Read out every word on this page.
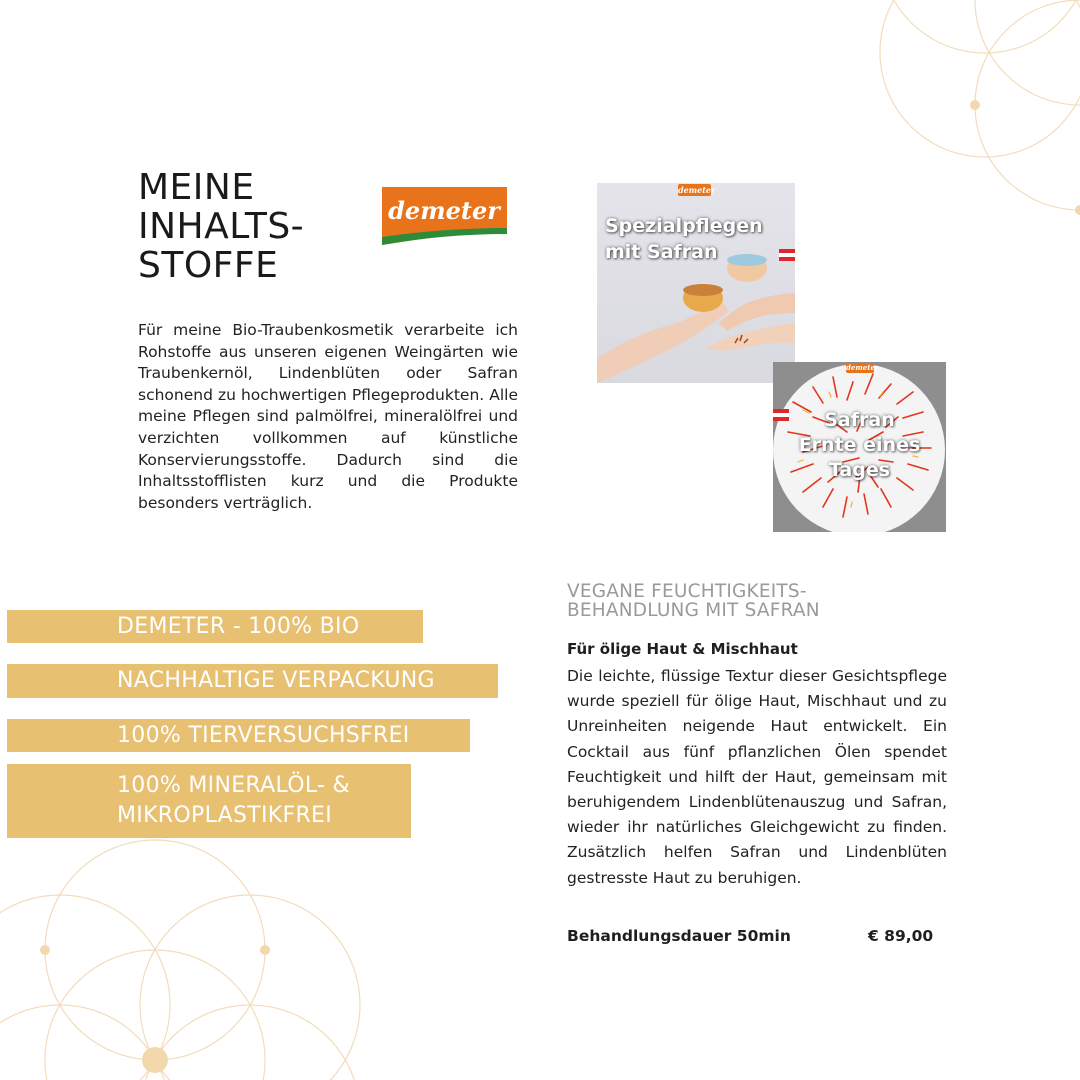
MEINE
INHALTS-
STOFFE
demeter

Für meine Bio-Traubenkosmetik verarbeite ich Rohstoffe aus unseren eigenen Weingärten wie Traubenkernöl, Lindenblüten oder Safran schonend zu hochwertigen Pflegeprodukten. Alle meine Pflegen sind palmölfrei, mineralölfrei und verzichten vollkommen auf künstliche Konservierungsstoffe. Dadurch sind die Inhaltsstofflisten kurz und die Produkte besonders verträglich.

demeter
Spezialpflegen
mit Safran
demeter
Safran
Ernte eines
Tages
DEMETER - 100% BIO
NACHHALTIGE VERPACKUNG
100% TIERVERSUCHSFREI
100% MINERALÖL- &
MIKROPLASTIKFREI
VEGANE FEUCHTIGKEITS-
BEHANDLUNG MIT SAFRAN

Für ölige Haut & Mischhaut

Die leichte, flüssige Textur dieser Gesichtspflege wurde speziell für ölige Haut, Mischhaut und zu Unreinheiten neigende Haut entwickelt. Ein Cocktail aus fünf pflanzlichen Ölen spendet Feuchtigkeit und hilft der Haut, gemeinsam mit beruhigendem Lindenblütenauszug und Safran, wieder ihr natürliches Gleichgewicht zu finden. Zusätzlich helfen Safran und Lindenblüten gestresste Haut zu beruhigen.

Behandlungsdauer 50min	€ 89,00
